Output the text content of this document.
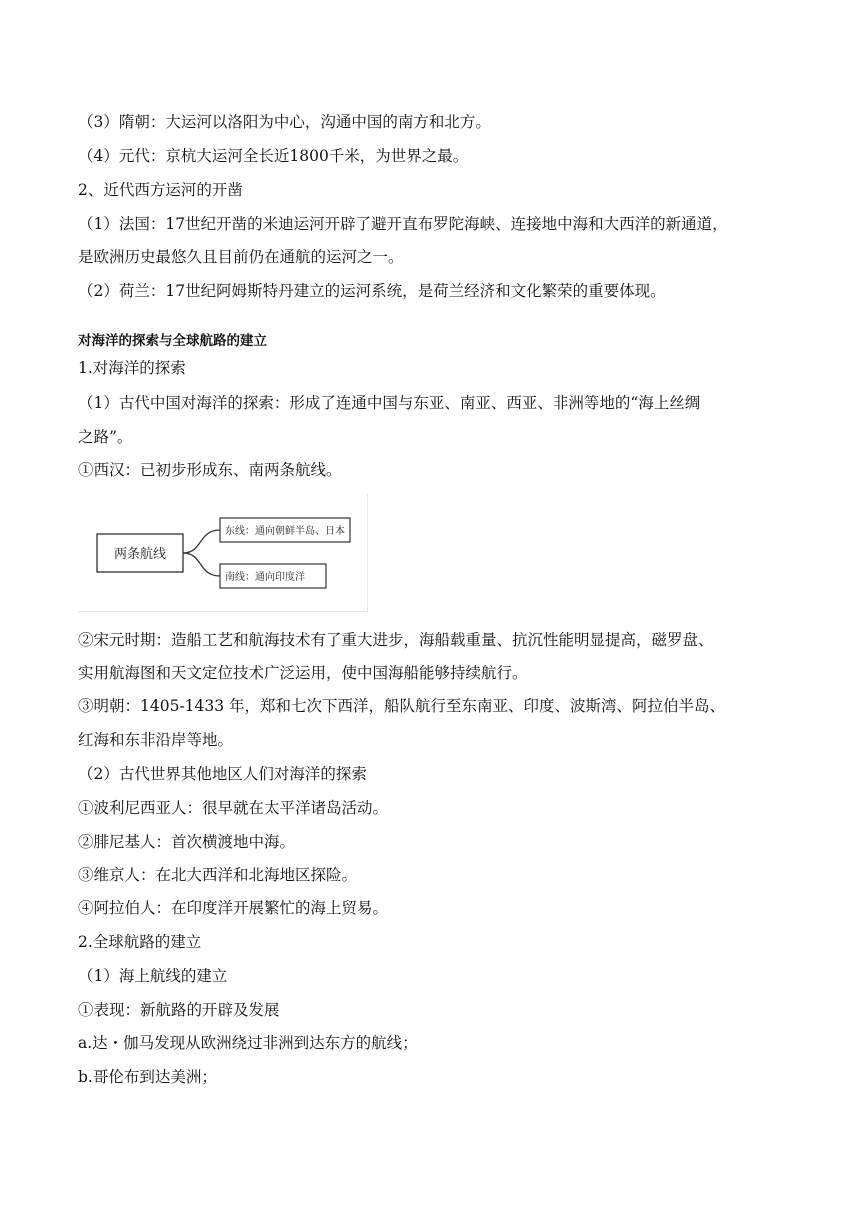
（3）隋朝：大运河以洛阳为中心，沟通中国的南方和北方。
（4）元代：京杭大运河全长近1800千米，为世界之最。
2、近代西方运河的开凿
（1）法国：17世纪开凿的米迪运河开辟了避开直布罗陀海峡、连接地中海和大西洋的新通道，
是欧洲历史最悠久且目前仍在通航的运河之一。
（2）荷兰：17世纪阿姆斯特丹建立的运河系统，是荷兰经济和文化繁荣的重要体现。
对海洋的探索与全球航路的建立
1.对海洋的探索
（1）古代中国对海洋的探索：形成了连通中国与东亚、南亚、西亚、非洲等地的“海上丝绸
之路”。
①西汉：已初步形成东、南两条航线。
两条航线
东线：通向朝鲜半岛、日本
南线：通向印度洋
②宋元时期：造船工艺和航海技术有了重大进步，海船载重量、抗沉性能明显提高，磁罗盘、
实用航海图和天文定位技术广泛运用，使中国海船能够持续航行。
③明朝：1405-1433 年，郑和七次下西洋，船队航行至东南亚、印度、波斯湾、阿拉伯半岛、
红海和东非沿岸等地。
（2）古代世界其他地区人们对海洋的探索
①波利尼西亚人：很早就在太平洋诸岛活动。
②腓尼基人：首次横渡地中海。
③维京人：在北大西洋和北海地区探险。
④阿拉伯人：在印度洋开展繁忙的海上贸易。
2.全球航路的建立
（1）海上航线的建立
①表现：新航路的开辟及发展
a.达・伽马发现从欧洲绕过非洲到达东方的航线；
b.哥伦布到达美洲；
